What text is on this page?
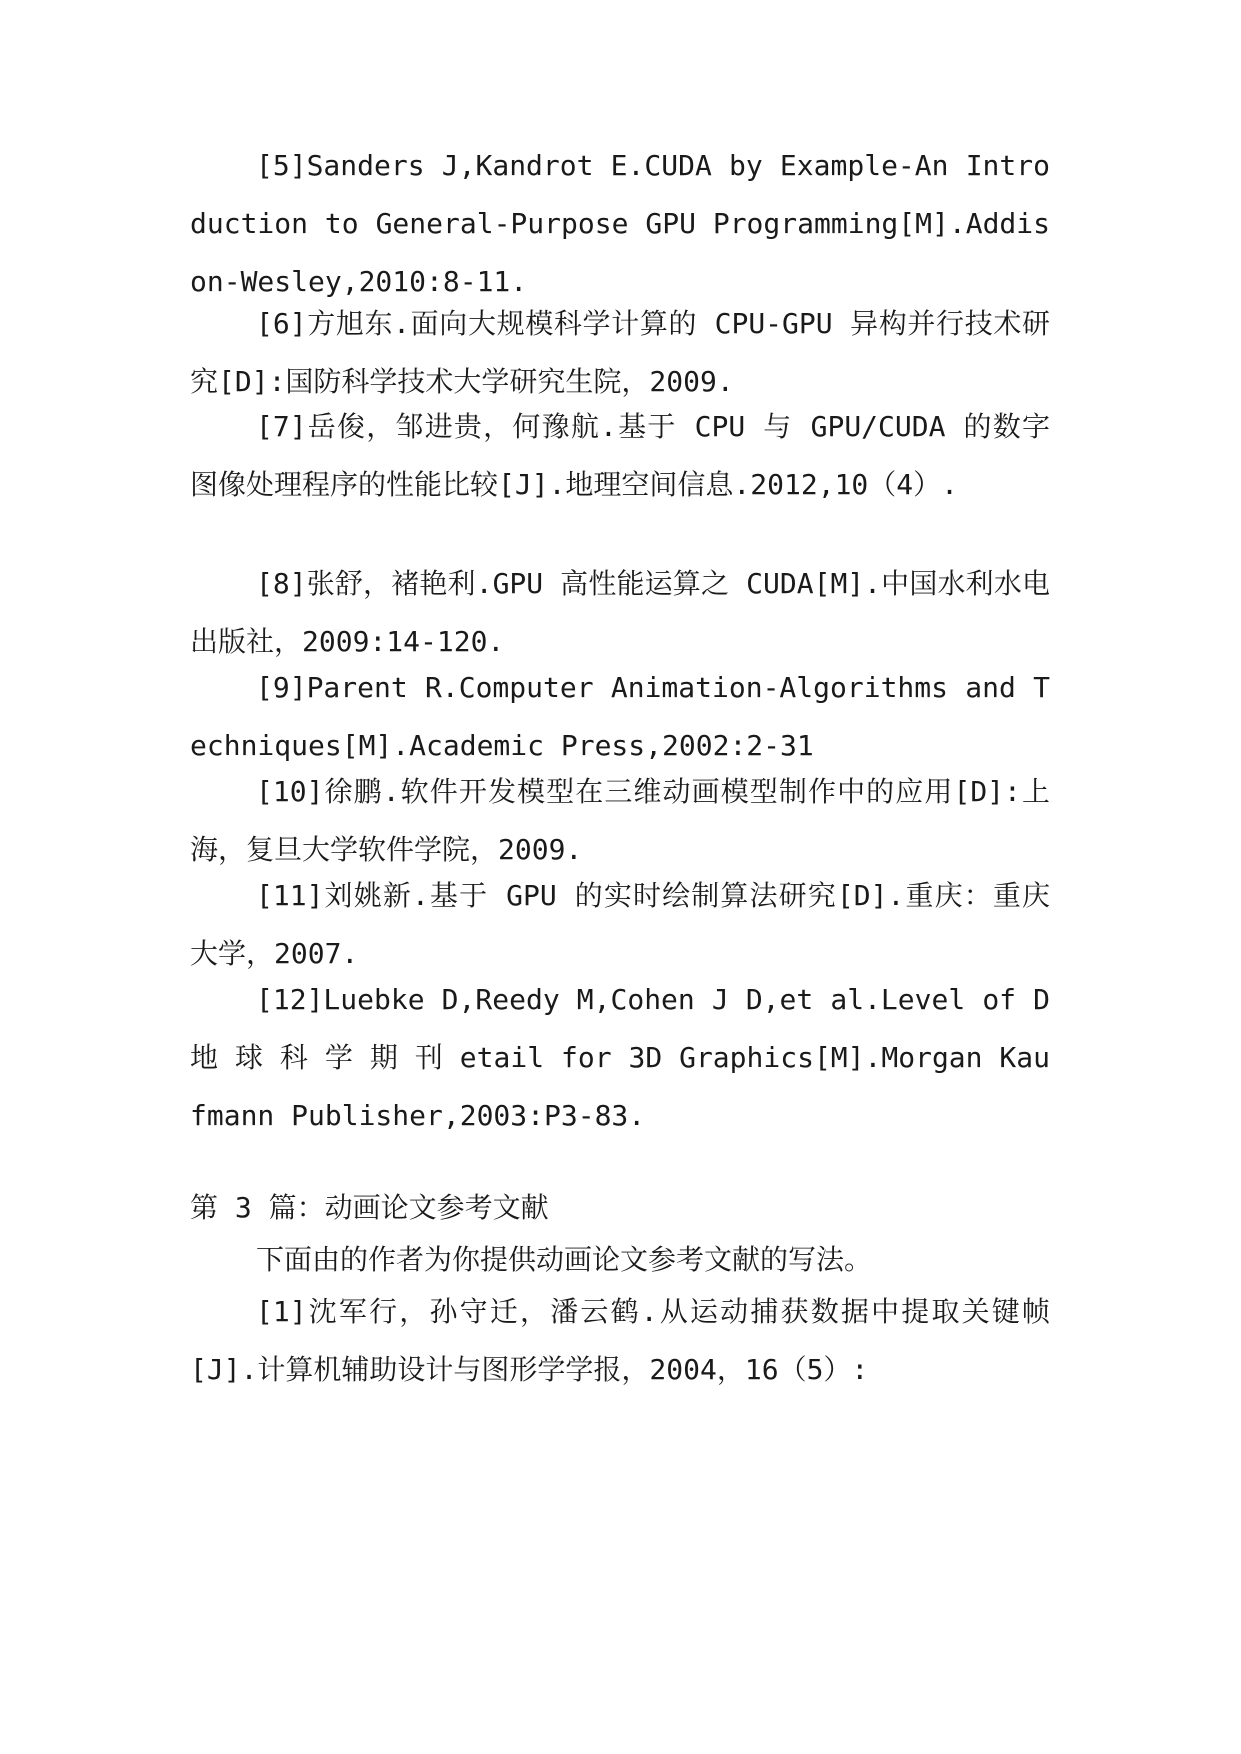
[5]Sanders J,Kandrot E.CUDA by Example-An Introduction to General-Purpose GPU Programming[M].Addison-Wesley,2010:8-11.

[6]方旭东.面向大规模科学计算的 CPU-GPU 异构并行技术研究[D]:国防科学技术大学研究生院，2009.

[7]岳俊，邹进贵，何豫航.基于 CPU 与 GPU/CUDA 的数字图像处理程序的性能比较[J].地理空间信息.2012,10（4）.

[8]张舒，褚艳利.GPU 高性能运算之 CUDA[M].中国水利水电出版社，2009:14-120.

[9]Parent R.Computer Animation-Algorithms and Techniques[M].Academic Press,2002:2-31

[10]徐鹏.软件开发模型在三维动画模型制作中的应用[D]:上海，复旦大学软件学院，2009.

[11]刘姚新.基于 GPU 的实时绘制算法研究[D].重庆：重庆大学，2007.

[12]Luebke D,Reedy M,Cohen J D,et al.Level of D 地 球 科 学 期 刊 etail for 3D Graphics[M].Morgan Kaufmann Publisher,2003:P3-83.

第 3 篇：动画论文参考文献

下面由的作者为你提供动画论文参考文献的写法。

[1]沈军行，孙守迁，潘云鹤.从运动捕获数据中提取关键帧[J].计算机辅助设计与图形学学报，2004，16（5）:
